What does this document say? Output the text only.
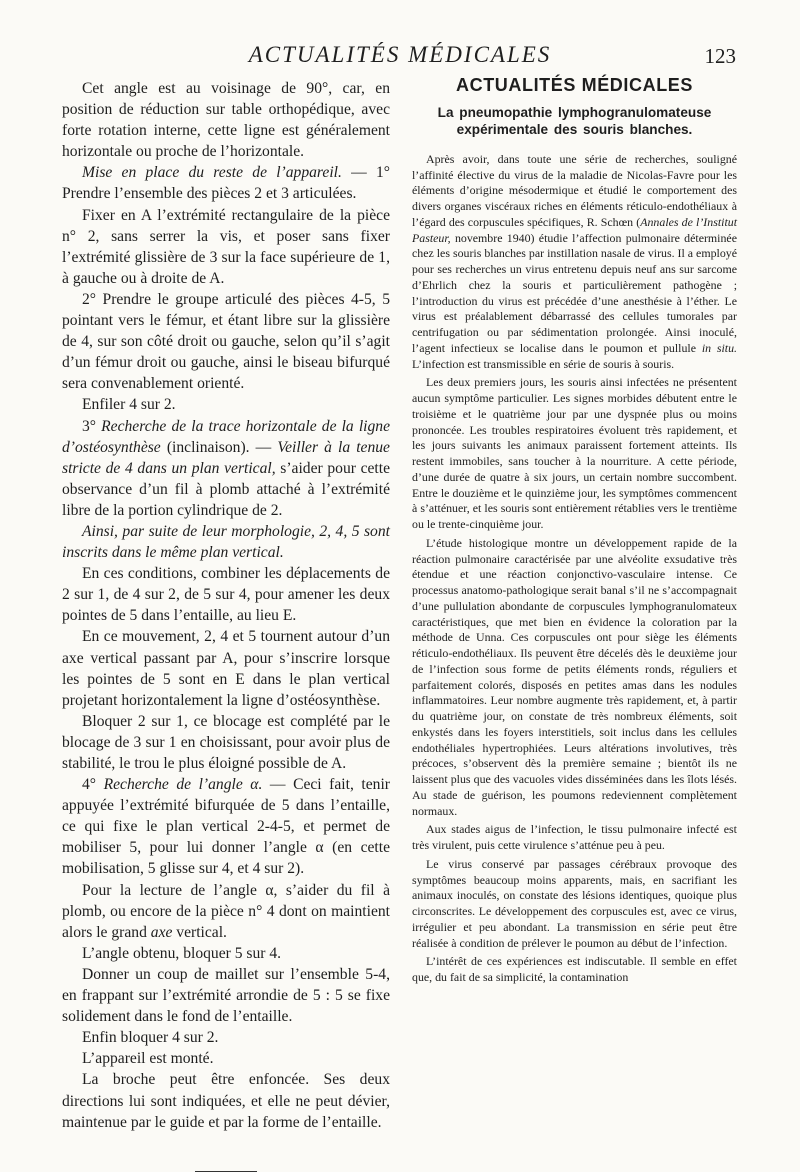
ACTUALITÉS MÉDICALES	123

Cet angle est au voisinage de 90°, car, en position de réduction sur table orthopédique, avec forte rotation interne, cette ligne est généralement horizontale ou proche de l’horizontale.

Mise en place du reste de l’appareil. — 1° Prendre l’ensemble des pièces 2 et 3 articulées.

Fixer en A l’extrémité rectangulaire de la pièce n° 2, sans serrer la vis, et poser sans fixer l’extrémité glissière de 3 sur la face supérieure de 1, à gauche ou à droite de A.

2° Prendre le groupe articulé des pièces 4-5, 5 pointant vers le fémur, et étant libre sur la glissière de 4, sur son côté droit ou gauche, selon qu’il s’agit d’un fémur droit ou gauche, ainsi le biseau bifurqué sera convenablement orienté.

Enfiler 4 sur 2.

3° Recherche de la trace horizontale de la ligne d’ostéosynthèse (inclinaison). — Veiller à la tenue stricte de 4 dans un plan vertical, s’aider pour cette observance d’un fil à plomb attaché à l’extrémité libre de la portion cylindrique de 2.

Ainsi, par suite de leur morphologie, 2, 4, 5 sont inscrits dans le même plan vertical.

En ces conditions, combiner les déplacements de 2 sur 1, de 4 sur 2, de 5 sur 4, pour amener les deux pointes de 5 dans l’entaille, au lieu E.

En ce mouvement, 2, 4 et 5 tournent autour d’un axe vertical passant par A, pour s’inscrire lorsque les pointes de 5 sont en E dans le plan vertical projetant horizontalement la ligne d’ostéosynthèse.

Bloquer 2 sur 1, ce blocage est complété par le blocage de 3 sur 1 en choisissant, pour avoir plus de stabilité, le trou le plus éloigné possible de A.

4° Recherche de l’angle α. — Ceci fait, tenir appuyée l’extrémité bifurquée de 5 dans l’entaille, ce qui fixe le plan vertical 2-4-5, et permet de mobiliser 5, pour lui donner l’angle α (en cette mobilisation, 5 glisse sur 4, et 4 sur 2).

Pour la lecture de l’angle α, s’aider du fil à plomb, ou encore de la pièce n° 4 dont on maintient alors le grand axe vertical.

L’angle obtenu, bloquer 5 sur 4.

Donner un coup de maillet sur l’ensemble 5-4, en frappant sur l’extrémité arrondie de 5 : 5 se fixe solidement dans le fond de l’entaille.

Enfin bloquer 4 sur 2.

L’appareil est monté.

La broche peut être enfoncée. Ses deux directions lui sont indiquées, et elle ne peut dévier, maintenue par le guide et par la forme de l’entaille.

ACTUALITÉS MÉDICALES
La pneumopathie lymphogranulomateuse expérimentale des souris blanches.

Après avoir, dans toute une série de recherches, souligné l’affinité élective du virus de la maladie de Nicolas-Favre pour les éléments d’origine mésodermique et étudié le comportement des divers organes viscéraux riches en éléments réticulo-endothéliaux à l’égard des corpuscules spécifiques, R. Schœn (Annales de l’Institut Pasteur, novembre 1940) étudie l’affection pulmonaire déterminée chez les souris blanches par instillation nasale de virus. Il a employé pour ses recherches un virus entretenu depuis neuf ans sur sarcome d’Ehrlich chez la souris et particulièrement pathogène ; l’introduction du virus est précédée d’une anesthésie à l’éther. Le virus est préalablement débarrassé des cellules tumorales par centrifugation ou par sédimentation prolongée. Ainsi inoculé, l’agent infectieux se localise dans le poumon et pullule in situ. L’infection est transmissible en série de souris à souris.

Les deux premiers jours, les souris ainsi infectées ne présentent aucun symptôme particulier. Les signes morbides débutent entre le troisième et le quatrième jour par une dyspnée plus ou moins prononcée. Les troubles respiratoires évoluent très rapidement, et les jours suivants les animaux paraissent fortement atteints. Ils restent immobiles, sans toucher à la nourriture. A cette période, d’une durée de quatre à six jours, un certain nombre succombent. Entre le douzième et le quinzième jour, les symptômes commencent à s’atténuer, et les souris sont entièrement rétablies vers le trentième ou le trente-cinquième jour.

L’étude histologique montre un développement rapide de la réaction pulmonaire caractérisée par une alvéolite exsudative très étendue et une réaction conjonctivo-vasculaire intense. Ce processus anatomo-pathologique serait banal s’il ne s’accompagnait d’une pullulation abondante de corpuscules lymphogranulomateux caractéristiques, que met bien en évidence la coloration par la méthode de Unna. Ces corpuscules ont pour siège les éléments réticulo-endothéliaux. Ils peuvent être décelés dès le deuxième jour de l’infection sous forme de petits éléments ronds, réguliers et parfaitement colorés, disposés en petites amas dans les nodules inflammatoires. Leur nombre augmente très rapidement, et, à partir du quatrième jour, on constate de très nombreux éléments, soit enkystés dans les foyers interstitiels, soit inclus dans les cellules endothéliales hypertrophiées. Leurs altérations involutives, très précoces, s’observent dès la première semaine ; bientôt ils ne laissent plus que des vacuoles vides disséminées dans les îlots lésés. Au stade de guérison, les poumons redeviennent complètement normaux.

Aux stades aigus de l’infection, le tissu pulmonaire infecté est très virulent, puis cette virulence s’atténue peu à peu.

Le virus conservé par passages cérébraux provoque des symptômes beaucoup moins apparents, mais, en sacrifiant les animaux inoculés, on constate des lésions identiques, quoique plus circonscrites. Le développement des corpuscules est, avec ce virus, irrégulier et peu abondant. La transmission en série peut être réalisée à condition de prélever le poumon au début de l’infection.

L’intérêt de ces expériences est indiscutable. Il semble en effet que, du fait de sa simplicité, la contamination
